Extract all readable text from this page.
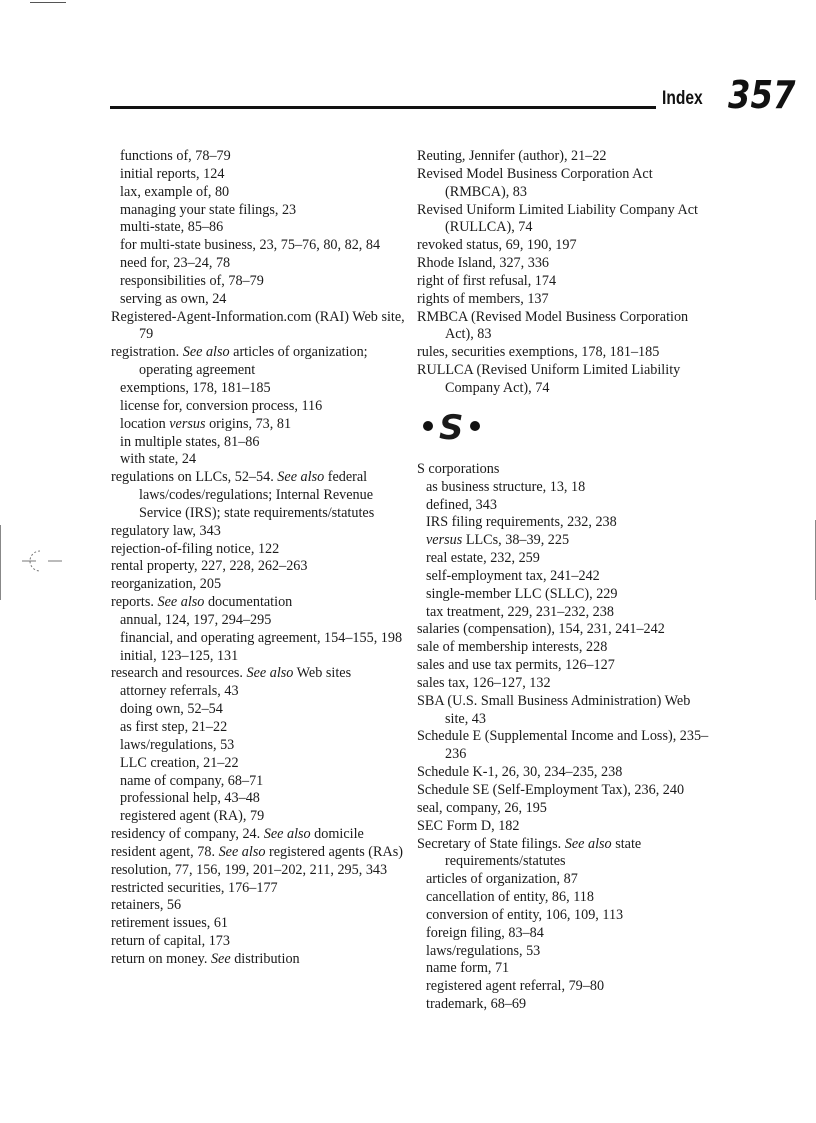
Index 357
functions of, 78–79
initial reports, 124
lax, example of, 80
managing your state filings, 23
multi-state, 85–86
for multi-state business, 23, 75–76, 80, 82, 84
need for, 23–24, 78
responsibilities of, 78–79
serving as own, 24
Registered-Agent-Information.com (RAI) Web site, 79
registration. See also articles of organization; operating agreement
exemptions, 178, 181–185
license for, conversion process, 116
location versus origins, 73, 81
in multiple states, 81–86
with state, 24
regulations on LLCs, 52–54. See also federal laws/codes/regulations; Internal Revenue Service (IRS); state requirements/statutes
regulatory law, 343
rejection-of-filing notice, 122
rental property, 227, 228, 262–263
reorganization, 205
reports. See also documentation
annual, 124, 197, 294–295
financial, and operating agreement, 154–155, 198
initial, 123–125, 131
research and resources. See also Web sites
attorney referrals, 43
doing own, 52–54
as first step, 21–22
laws/regulations, 53
LLC creation, 21–22
name of company, 68–71
professional help, 43–48
registered agent (RA), 79
residency of company, 24. See also domicile
resident agent, 78. See also registered agents (RAs)
resolution, 77, 156, 199, 201–202, 211, 295, 343
restricted securities, 176–177
retainers, 56
retirement issues, 61
return of capital, 173
return on money. See distribution
Reuting, Jennifer (author), 21–22
Revised Model Business Corporation Act (RMBCA), 83
Revised Uniform Limited Liability Company Act (RULLCA), 74
revoked status, 69, 190, 197
Rhode Island, 327, 336
right of first refusal, 174
rights of members, 137
RMBCA (Revised Model Business Corporation Act), 83
rules, securities exemptions, 178, 181–185
RULLCA (Revised Uniform Limited Liability Company Act), 74
S
S corporations
as business structure, 13, 18
defined, 343
IRS filing requirements, 232, 238
versus LLCs, 38–39, 225
real estate, 232, 259
self-employment tax, 241–242
single-member LLC (SLLC), 229
tax treatment, 229, 231–232, 238
salaries (compensation), 154, 231, 241–242
sale of membership interests, 228
sales and use tax permits, 126–127
sales tax, 126–127, 132
SBA (U.S. Small Business Administration) Web site, 43
Schedule E (Supplemental Income and Loss), 235–236
Schedule K-1, 26, 30, 234–235, 238
Schedule SE (Self-Employment Tax), 236, 240
seal, company, 26, 195
SEC Form D, 182
Secretary of State filings. See also state requirements/statutes
articles of organization, 87
cancellation of entity, 86, 118
conversion of entity, 106, 109, 113
foreign filing, 83–84
laws/regulations, 53
name form, 71
registered agent referral, 79–80
trademark, 68–69
